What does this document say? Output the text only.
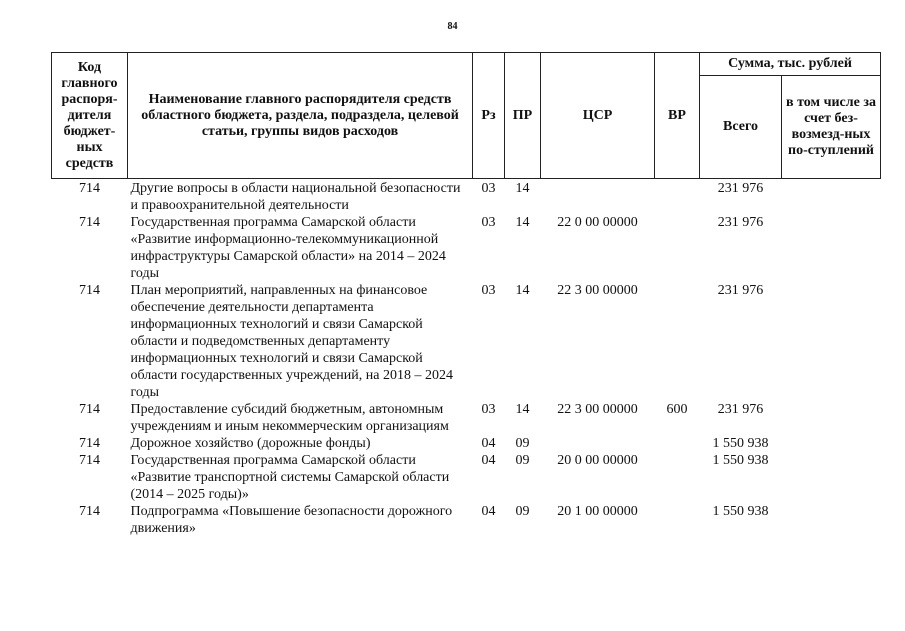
84
Код главного распоря-дителя бюджет-ных средств	Наименование главного распорядителя средств областного бюджета, раздела, подраздела, целевой статьи, группы видов расходов	Рз	ПР	ЦСР	ВР	Сумма, тыс. рублей	
						Всего	в том числе за счет без-возмезд-ных по-ступлений
714	Другие вопросы в области национальной безопасности и правоохранительной деятельности	03	14			231 976	
714	Государственная программа Самарской области «Развитие информационно-телекоммуникационной инфраструктуры Самарской области» на 2014 – 2024 годы	03	14	22 0 00 00000		231 976	
714	План мероприятий, направленных на финансовое обеспечение деятельности департамента информационных технологий и связи Самарской области и подведомственных департаменту информационных технологий и связи Самарской области государственных учреждений, на 2018 – 2024 годы	03	14	22 3 00 00000		231 976	
714	Предоставление субсидий бюджетным, автономным учреждениям и иным некоммерческим организациям	03	14	22 3 00 00000	600	231 976	
714	Дорожное хозяйство (дорожные фонды)	04	09			1 550 938	
714	Государственная программа Самарской области «Развитие транспортной системы Самарской области (2014 – 2025 годы)»	04	09	20 0 00 00000		1 550 938	
714	Подпрограмма «Повышение безопасности дорожного движения»	04	09	20 1 00 00000		1 550 938	
